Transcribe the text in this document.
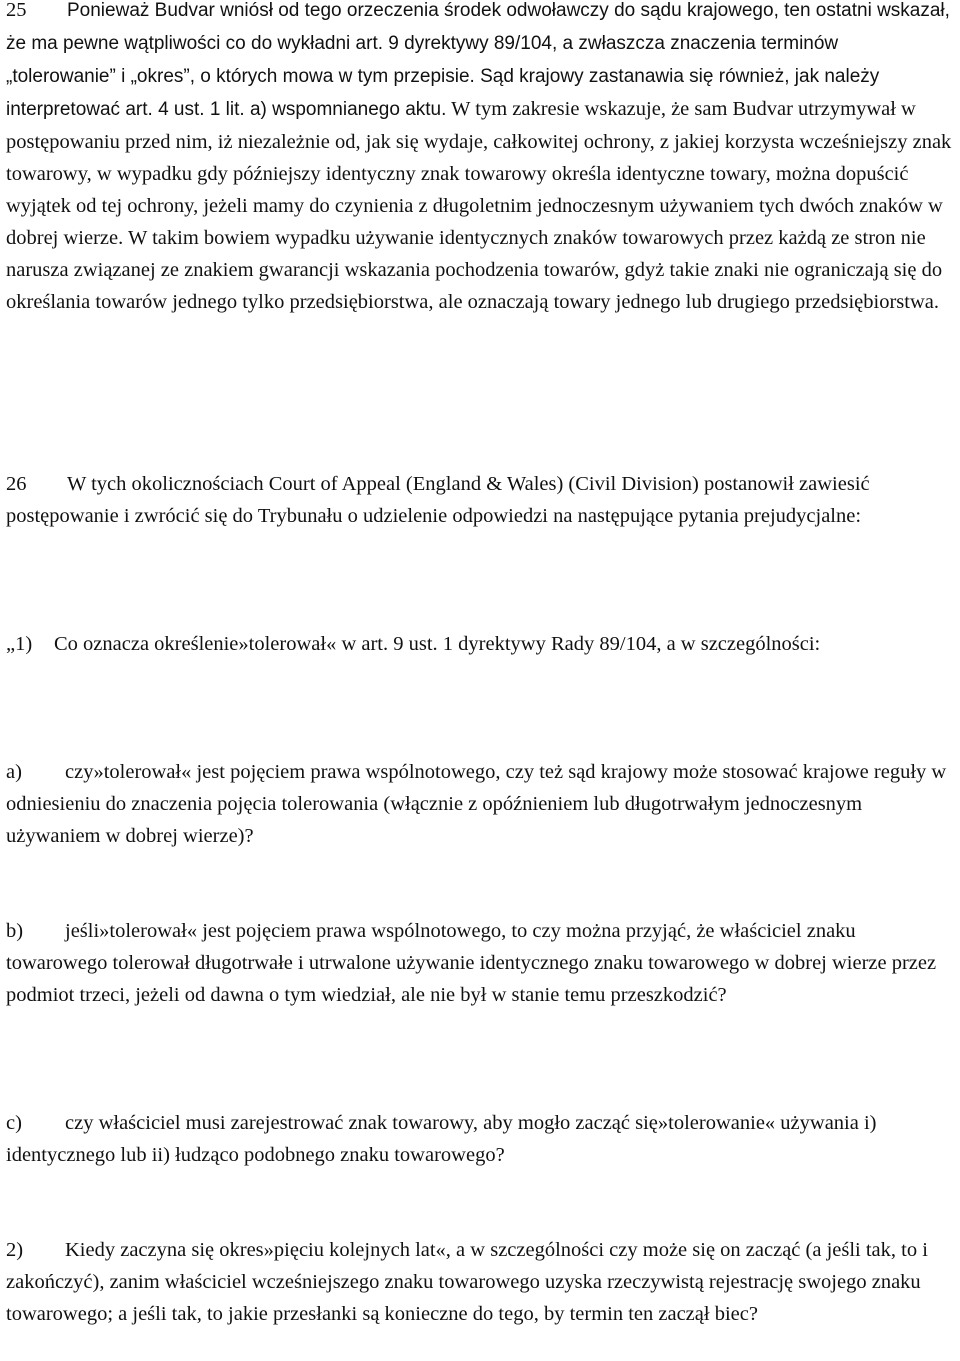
25 Ponieważ Budvar wniósł od tego orzeczenia środek odwoławczy do sądu krajowego, ten ostatni wskazał, że ma pewne wątpliwości co do wykładni art. 9 dyrektywy 89/104, a zwłaszcza znaczenia terminów „tolerowanie” i „okres”, o których mowa w tym przepisie. Sąd krajowy zastanawia się również, jak należy interpretować art. 4 ust. 1 lit. a) wspomnianego aktu. W tym zakresie wskazuje, że sam Budvar utrzymywał w postępowaniu przed nim, iż niezależnie od, jak się wydaje, całkowitej ochrony, z jakiej korzysta wcześniejszy znak towarowy, w wypadku gdy późniejszy identyczny znak towarowy określa identyczne towary, można dopuścić wyjątek od tej ochrony, jeżeli mamy do czynienia z długoletnim jednoczesnym używaniem tych dwóch znaków w dobrej wierze. W takim bowiem wypadku używanie identycznych znaków towarowych przez każdą ze stron nie narusza związanej ze znakiem gwarancji wskazania pochodzenia towarów, gdyż takie znaki nie ograniczają się do określania towarów jednego tylko przedsiębiorstwa, ale oznaczają towary jednego lub drugiego przedsiębiorstwa.

26 W tych okolicznościach Court of Appeal (England & Wales) (Civil Division) postanowił zawiesić postępowanie i zwrócić się do Trybunału o udzielenie odpowiedzi na następujące pytania prejudycjalne:

„1) Co oznacza określenie»tolerował« w art. 9 ust. 1 dyrektywy Rady 89/104, a w szczególności:

a) czy»tolerował« jest pojęciem prawa wspólnotowego, czy też sąd krajowy może stosować krajowe reguły w odniesieniu do znaczenia pojęcia tolerowania (włącznie z opóźnieniem lub długotrwałym jednoczesnym używaniem w dobrej wierze)?

b) jeśli»tolerował« jest pojęciem prawa wspólnotowego, to czy można przyjąć, że właściciel znaku towarowego tolerował długotrwałe i utrwalone używanie identycznego znaku towarowego w dobrej wierze przez podmiot trzeci, jeżeli od dawna o tym wiedział, ale nie był w stanie temu przeszkodzić?

c) czy właściciel musi zarejestrować znak towarowy, aby mogło zacząć się»tolerowanie« używania i) identycznego lub ii) łudząco podobnego znaku towarowego?

2) Kiedy zaczyna się okres»pięciu kolejnych lat«, a w szczególności czy może się on zacząć (a jeśli tak, to i zakończyć), zanim właściciel wcześniejszego znaku towarowego uzyska rzeczywistą rejestrację swojego znaku towarowego; a jeśli tak, to jakie przesłanki są konieczne do tego, by termin ten zaczął biec?
